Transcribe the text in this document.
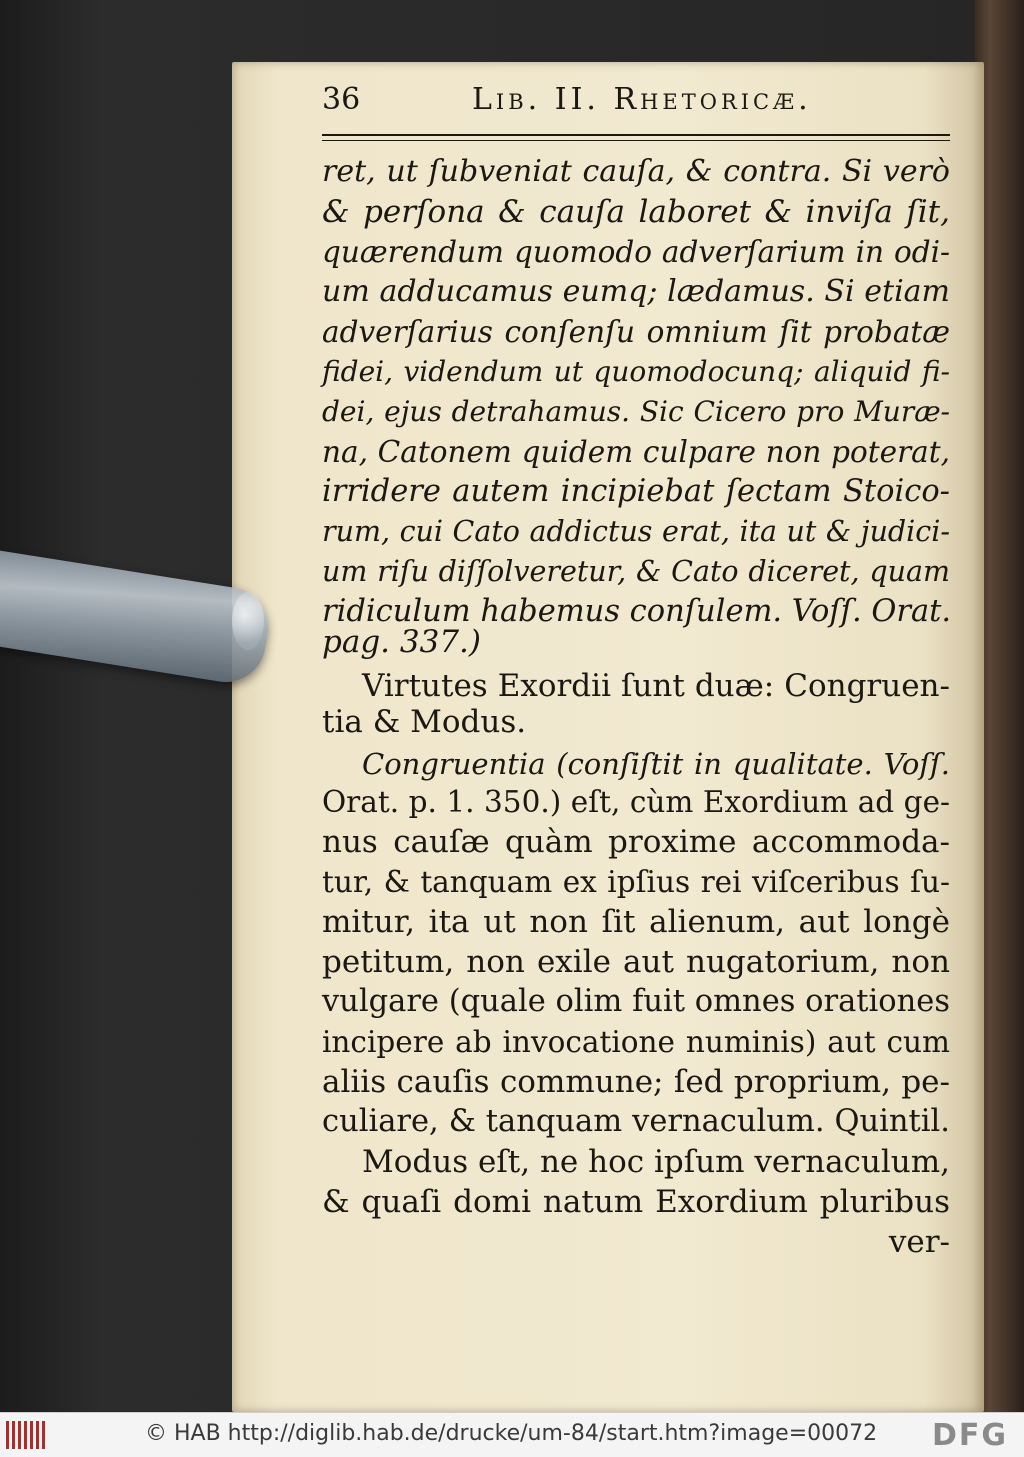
36	Lib. II. Rhetoricæ.
ret, ut ſubveniat cauſa, & contra. Si verò
& perſona & cauſa laboret & inviſa ſit,
quærendum quomodo adverſarium in odi-
um adducamus eumq; lædamus. Si etiam
adverſarius conſenſu omnium ſit probatæ
fidei, videndum ut quomodocunq; aliquid fi-
dei, ejus detrahamus. Sic Cicero pro Muræ-
na, Catonem quidem culpare non poterat,
irridere autem incipiebat ſectam Stoico-
rum, cui Cato addictus erat, ita ut & judici-
um riſu diſſolveretur, & Cato diceret, quam
ridiculum habemus conſulem. Voſſ. Orat.
pag. 337.)
Virtutes Exordii ſunt duæ: Congruen-
tia & Modus.
Congruentia (conſiſtit in qualitate. Voſſ.
Orat. p. 1. 350.) eſt, cùm Exordium ad ge-
nus cauſæ quàm proxime accommoda-
tur, & tanquam ex ipſius rei viſceribus ſu-
mitur, ita ut non ſit alienum, aut longè
petitum, non exile aut nugatorium, non
vulgare (quale olim fuit omnes orationes
incipere ab invocatione numinis) aut cum
aliis cauſis commune; ſed proprium, pe-
culiare, & tanquam vernaculum. Quintil.
Modus eſt, ne hoc ipſum vernaculum,
& quaſi domi natum Exordium pluribus
ver-
© HAB http://diglib.hab.de/drucke/um-84/start.htm?image=00072 DFG
